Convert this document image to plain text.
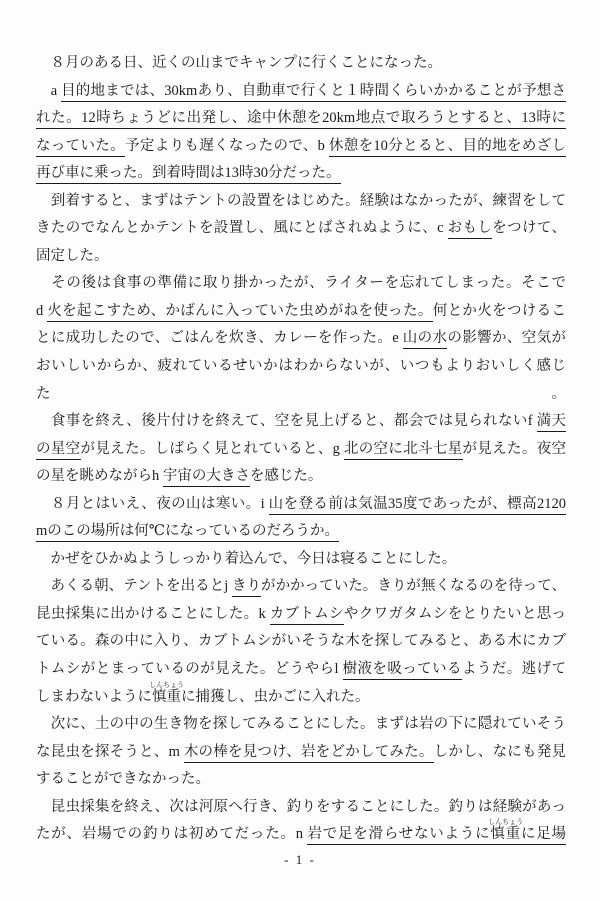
　８月のある日、近くの山までキャンプに行くことになった。
　a 目的地までは、30kmあり、自動車で行くと１時間くらいかかることが予想さ
れた。12時ちょうどに出発し、途中休憩を20km地点で取ろうとすると、13時に
なっていた。予定よりも遅くなったので、b 休憩を10分とると、目的地をめざし
再び車に乗った。到着時間は13時30分だった。
　到着すると、まずはテントの設置をはじめた。経験はなかったが、練習をして
きたのでなんとかテントを設置し、風にとばされぬように、c おもしをつけて、
固定した。
　その後は食事の準備に取り掛かったが、ライターを忘れてしまった。そこで
d 火を起こすため、かばんに入っていた虫めがねを使った。何とか火をつけるこ
とに成功したので、ごはんを炊き、カレーを作った。e 山の水の影響か、空気が
おいしいからか、疲れているせいかはわからないが、いつもよりおいしく感じた。
　食事を終え、後片付けを終えて、空を見上げると、都会では見られないf 満天
の星空が見えた。しばらく見とれていると、g 北の空に北斗七星が見えた。夜空
の星を眺めながらh 宇宙の大きさを感じた。
　８月とはいえ、夜の山は寒い。i 山を登る前は気温35度であったが、標高2120
mのこの場所は何℃になっているのだろうか。
　かぜをひかぬようしっかり着込んで、今日は寝ることにした。
　あくる朝、テントを出るとj きりがかかっていた。きりが無くなるのを待って、
昆虫採集に出かけることにした。k カブトムシやクワガタムシをとりたいと思っ
ている。森の中に入り、カブトムシがいそうな木を探してみると、ある木にカブ
トムシがとまっているのが見えた。どうやらl 樹液を吸っているようだ。逃げて
しまわないように慎重
しんちょう
に捕獲し、虫かごに入れた。
　次に、土の中の生き物を探してみることにした。まずは岩の下に隠れていそう
な昆虫を探そうと、m 木の棒を見つけ、岩をどかしてみた。しかし、なにも発見
することができなかった。
　昆虫採集を終え、次は河原へ行き、釣りをすることにした。釣りは経験があっ
たが、岩場での釣りは初めてだった。n 岩で足を滑らせないように慎重
しんちょう
に足場
- 1 -
